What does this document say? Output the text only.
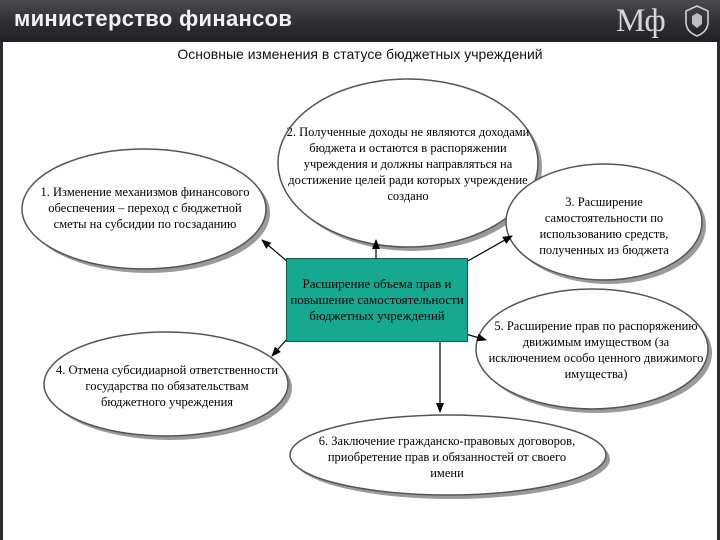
министерство финансов	Мф
Основные изменения в статусе бюджетных учреждений
Расширение объема прав и повышение самостоятельности бюджетных учреждений
1. Изменение механизмов финансового обеспечения – переход с бюджетной сметы на субсидии по госзаданию
2. Полученные доходы не являются доходами бюджета и остаются в распоряжении учреждения и должны направляться на достижение целей ради которых учреждение создано	3. Расширение самостоятельности по использованию средств, полученных из бюджета
4. Отмена субсидиарной ответственности государства по обязательствам бюджетного учреждения
5. Расширение прав по распоряжению движимым имуществом (за исключением особо ценного движимого имущества)
6. Заключение гражданско-правовых договоров, приобретение прав и обязанностей от своего имени
